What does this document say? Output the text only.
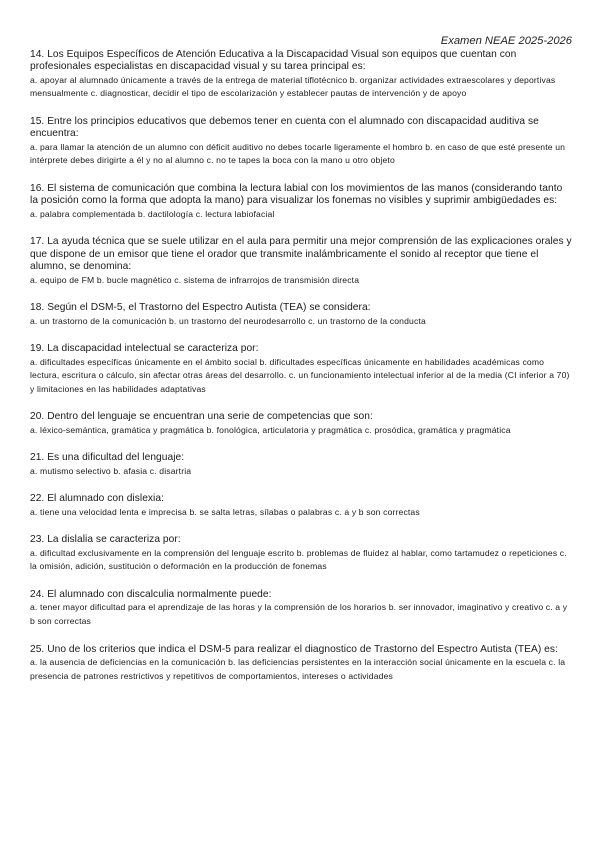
Examen NEAE 2025-2026

14. Los Equipos Específicos de Atención Educativa a la Discapacidad Visual son equipos que cuentan con profesionales especialistas en discapacidad visual y su tarea principal es:

a. apoyar al alumnado únicamente a través de la entrega de material tiflotécnico b. organizar actividades extraescolares y deportivas mensualmente c. diagnosticar, decidir el tipo de escolarización y establecer pautas de intervención y de apoyo

15. Entre los principios educativos que debemos tener en cuenta con el alumnado con discapacidad auditiva se encuentra:

a. para llamar la atención de un alumno con déficit auditivo no debes tocarle ligeramente el hombro b. en caso de que esté presente un intérprete debes dirigirte a él y no al alumno c. no te tapes la boca con la mano u otro objeto

16. El sistema de comunicación que combina la lectura labial con los movimientos de las manos (considerando tanto la posición como la forma que adopta la mano) para visualizar los fonemas no visibles y suprimir ambigüedades es:

a. palabra complementada b. dactilología c. lectura labiofacial

17. La ayuda técnica que se suele utilizar en el aula para permitir una mejor comprensión de las explicaciones orales y que dispone de un emisor que tiene el orador que transmite inalámbricamente el sonido al receptor que tiene el alumno, se denomina:

a. equipo de FM b. bucle magnético c. sistema de infrarrojos de transmisión directa

18. Según el DSM-5, el Trastorno del Espectro Autista (TEA) se considera:

a. un trastorno de la comunicación b. un trastorno del neurodesarrollo c. un trastorno de la conducta

19. La discapacidad intelectual se caracteriza por:

a. dificultades específicas únicamente en el ámbito social b. dificultades específicas únicamente en habilidades académicas como lectura, escritura o cálculo, sin afectar otras áreas del desarrollo. c. un funcionamiento intelectual inferior al de la media (CI inferior a 70) y limitaciones en las habilidades adaptativas

20. Dentro del lenguaje se encuentran una serie de competencias que son:

a. léxico-semántica, gramática y pragmática b. fonológica, articulatoria y pragmática c. prosódica, gramática y pragmática

21. Es una dificultad del lenguaje:

a. mutismo selectivo b. afasia c. disartria

22. El alumnado con dislexia:

a. tiene una velocidad lenta e imprecisa b. se salta letras, sílabas o palabras c. a y b son correctas

23. La dislalia se caracteriza por:

a. dificultad exclusivamente en la comprensión del lenguaje escrito b. problemas de fluidez al hablar, como tartamudez o repeticiones c. la omisión, adición, sustitución o deformación en la producción de fonemas

24. El alumnado con discalculia normalmente puede:

a. tener mayor dificultad para el aprendizaje de las horas y la comprensión de los horarios b. ser innovador, imaginativo y creativo c. a y b son correctas

25. Uno de los criterios que indica el DSM-5 para realizar el diagnostico de Trastorno del Espectro Autista (TEA) es:

a. la ausencia de deficiencias en la comunicación b. las deficiencias persistentes en la interacción social únicamente en la escuela c. la presencia de patrones restrictivos y repetitivos de comportamientos, intereses o actividades
